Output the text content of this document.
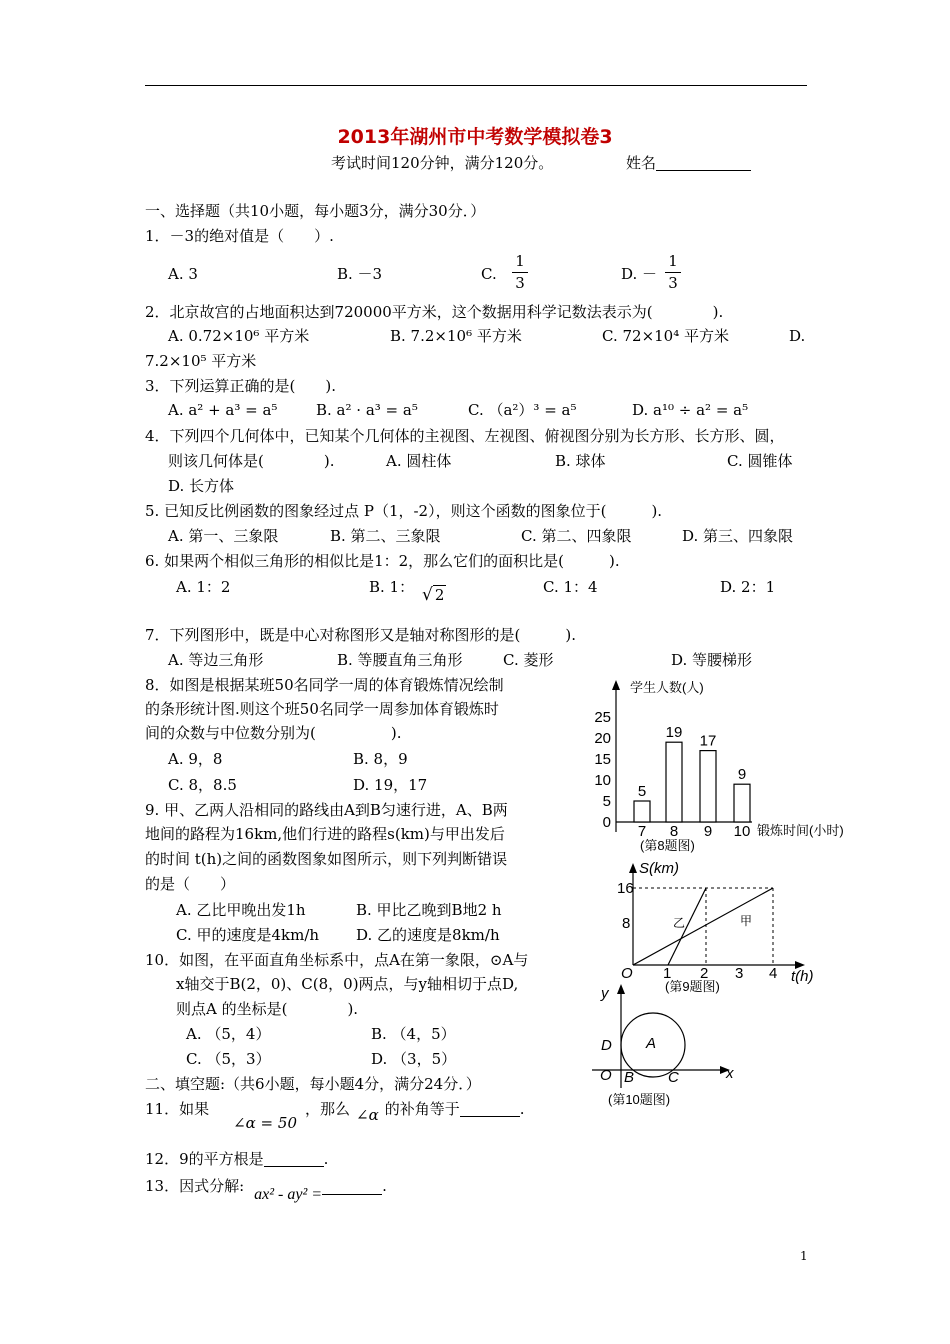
2013年湖州市中考数学模拟卷3
考试时间120分钟，满分120分。	姓名
一、选择题（共10小题，每小题3分，满分30分．）
1．－3的绝对值是（　　）.
A. 3	B. －3	C.
1
3	D. －
1
3
2．北京故宫的占地面积达到720000平方米，这个数据用科学记数法表示为(　　　　).
A. 0.72×10⁶ 平方米	B. 7.2×10⁶ 平方米	C. 72×10⁴ 平方米	D.
7.2×10⁵ 平方米
3．下列运算正确的是(　　).
A. a² + a³ = a⁵	B. a² · a³ = a⁵	C. （a²）³ = a⁵	D. a¹⁰ ÷ a² = a⁵
4．下列四个几何体中，已知某个几何体的主视图、左视图、俯视图分别为长方形、长方形、圆，
则该几何体是(　　　　).	A. 圆柱体	B. 球体	C. 圆锥体
D. 长方体
5. 已知反比例函数的图象经过点 P（1，-2），则这个函数的图象位于(　　　).
A. 第一、三象限	B. 第二、三象限	C. 第二、四象限	D. 第三、四象限
6. 如果两个相似三角形的相似比是1：2，那么它们的面积比是(　　　).
A. 1：2	B. 1： √ 2	C. 1：4	D. 2：1
7．下列图形中，既是中心对称图形又是轴对称图形的是(　　　).
A. 等边三角形	B. 等腰直角三角形	C. 菱形	D. 等腰梯形
8．如图是根据某班50名同学一周的体育锻炼情况绘制
的条形统计图.则这个班50名同学一周参加体育锻炼时
间的众数与中位数分别为(　　　　　).
A. 9，8	B. 8，9
C. 8，8.5	D. 19，17
9. 甲、乙两人沿相同的路线由A到B匀速行进，A、B两
地间的路程为16km,他们行进的路程s(km)与甲出发后
的时间 t(h)之间的函数图象如图所示，则下列判断错误
的是（　　）
A. 乙比甲晚出发1h	B. 甲比乙晚到B地2 h
C. 甲的速度是4km/h D. 乙的速度是8km/h
10．如图，在平面直角坐标系中，点A在第一象限，⊙A与
x轴交于B(2，0)、C(8，0)两点，与y轴相切于点D,
则点A 的坐标是(　　　　).
A. （5，4）	B. （4，5）
C. （5，3）	D. （3，5）
二、填空题:（共6小题，每小题4分，满分24分．）
11．如果∠α = 50，那么 ∠α 的补角等于	.
12．9的平方根是	.
13．因式分解: ax² - ay² =	.
学生人数(人)
锻炼时间(小时)
(第8题图)
0
5
10
15
20
25
5
7
19
8
17
9
9
10
S(km)
t(h)
O
16
8
1 2 3 4
甲
乙
(第9题图)
y
x
O
D A
B C
(第10题图)
1
